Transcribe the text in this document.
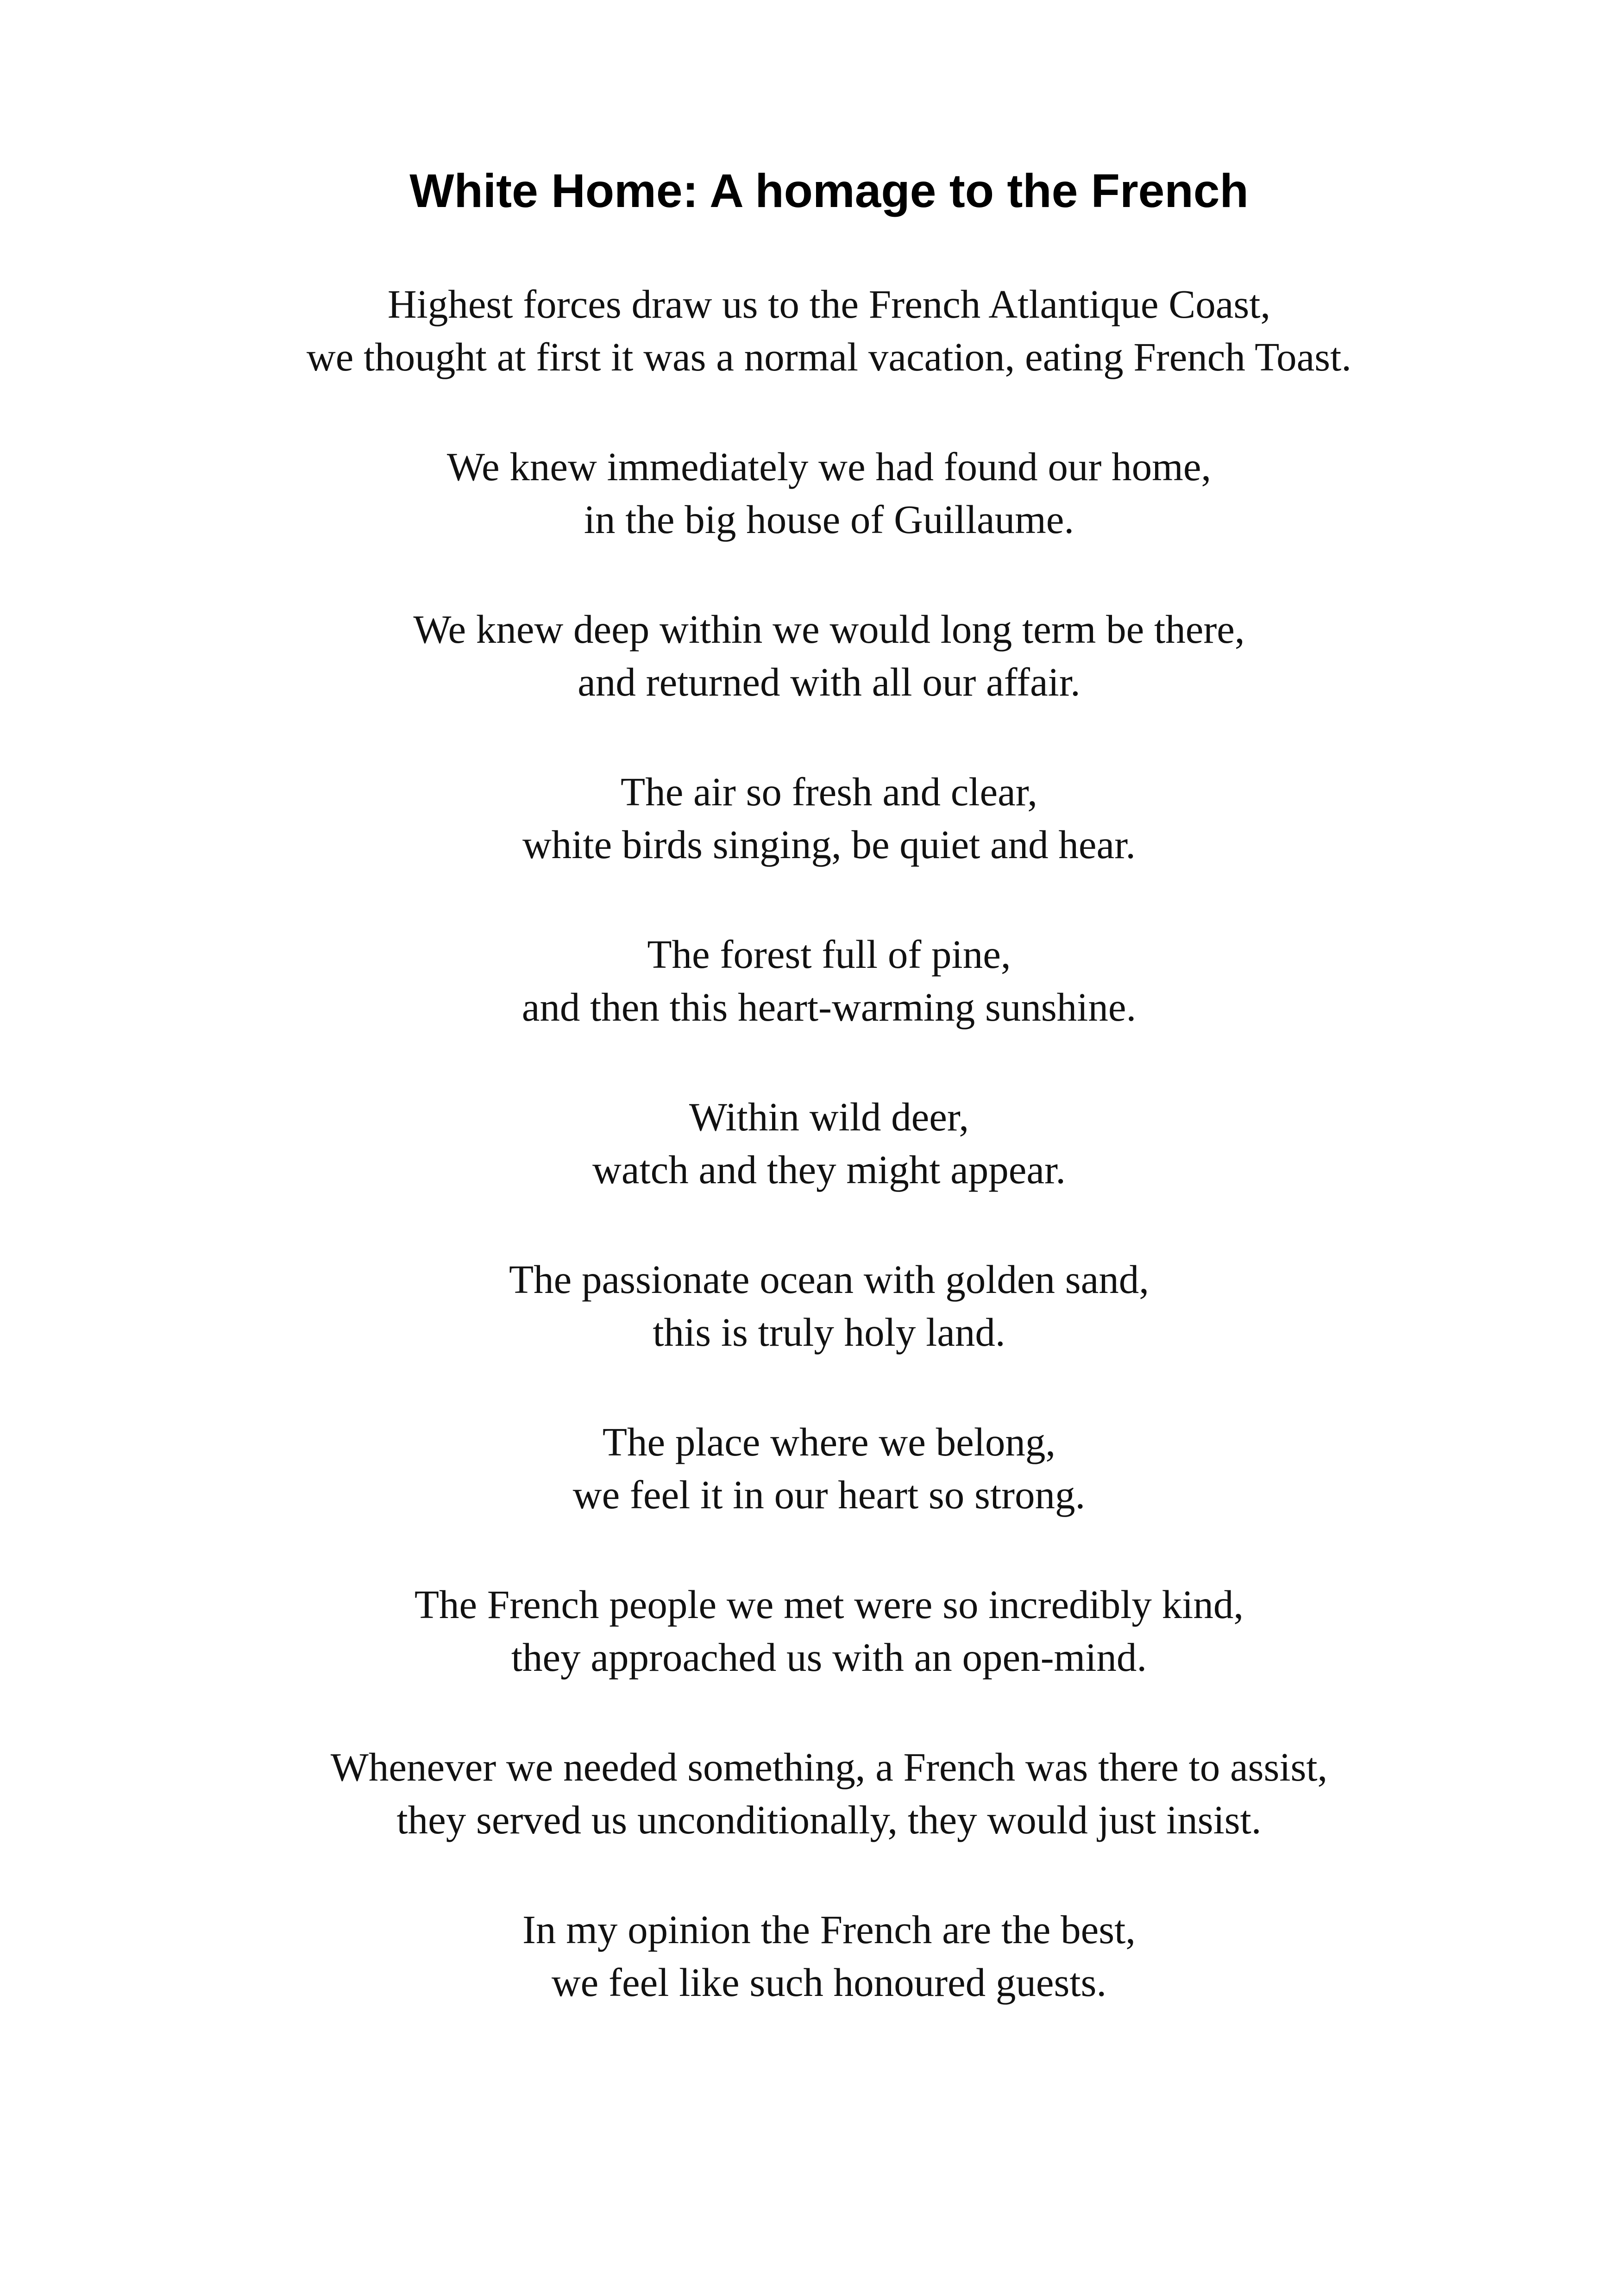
White Home: A homage to the French
Highest forces draw us to the French Atlantique Coast,
we thought at first it was a normal vacation, eating French Toast.
We knew immediately we had found our home,
in the big house of Guillaume.
We knew deep within we would long term be there,
and returned with all our affair.
The air so fresh and clear,
white birds singing, be quiet and hear.
The forest full of pine,
and then this heart-warming sunshine.
Within wild deer,
watch and they might appear.
The passionate ocean with golden sand,
this is truly holy land.
The place where we belong,
we feel it in our heart so strong.
The French people we met were so incredibly kind,
they approached us with an open-mind.
Whenever we needed something, a French was there to assist,
they served us unconditionally, they would just insist.
In my opinion the French are the best,
we feel like such honoured guests.
